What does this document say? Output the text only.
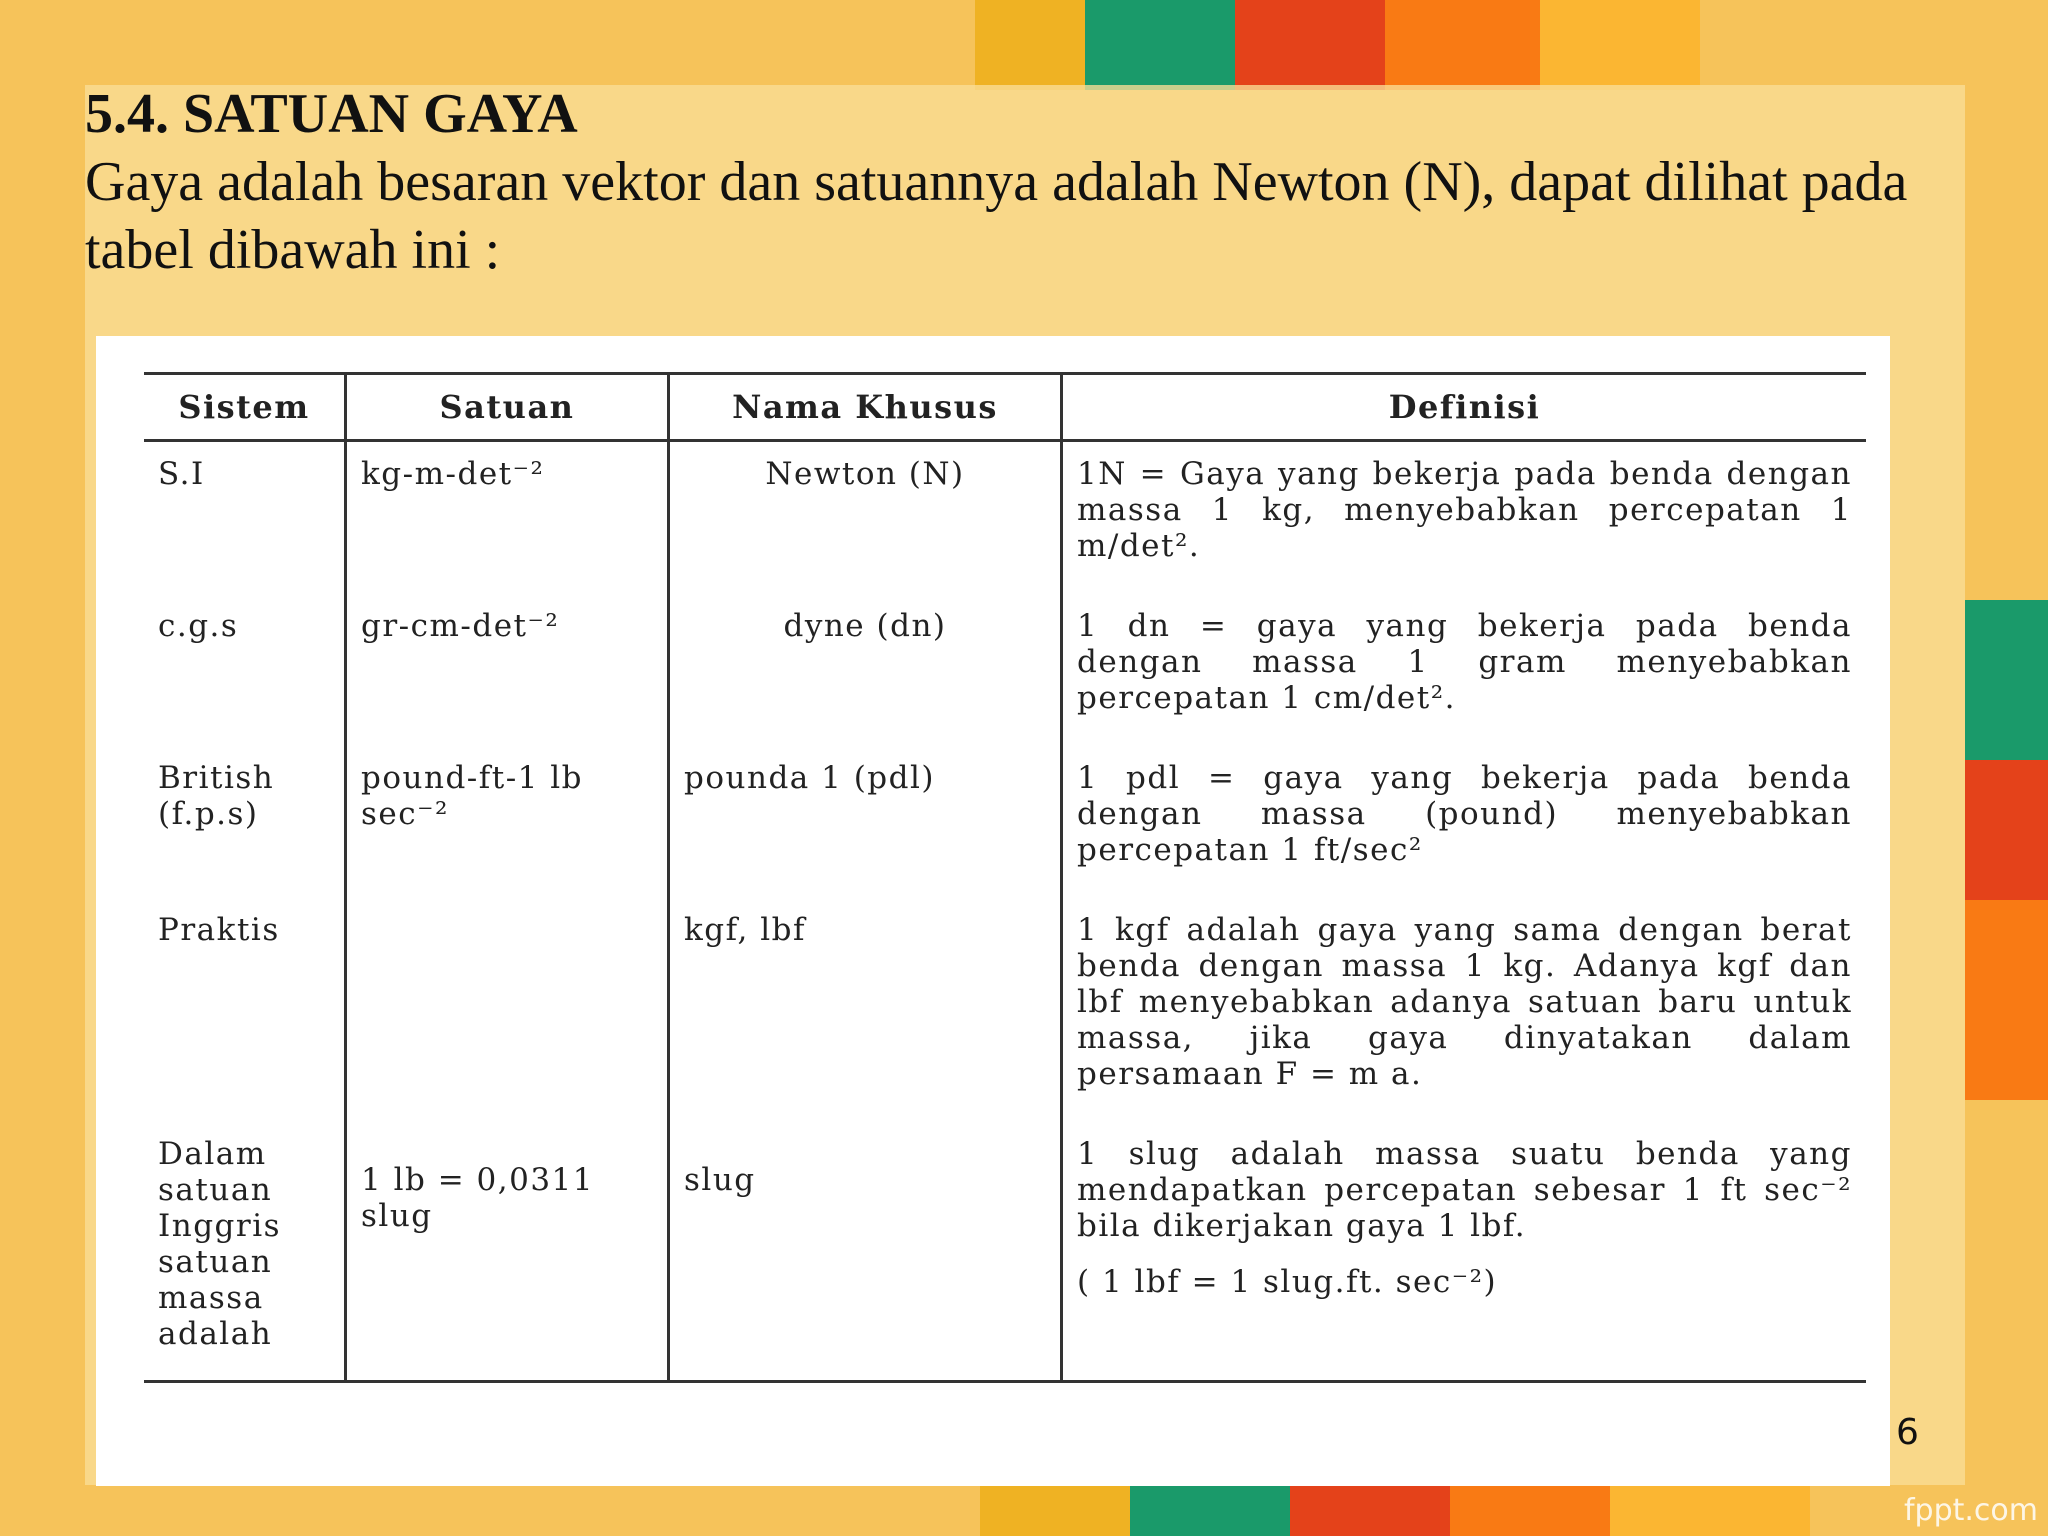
5.4. SATUAN GAYA
Gaya adalah besaran vektor dan satuannya adalah Newton (N), dapat dilihat pada tabel dibawah ini :
Sistem	Satuan	Nama Khusus	Definisi
S.I	kg-m-det⁻²	Newton (N)	1N = Gaya yang bekerja pada benda dengan massa 1 kg, menyebabkan percepatan 1 m/det².
c.g.s	gr-cm-det⁻²	dyne (dn)	1 dn = gaya yang bekerja pada benda dengan massa 1 gram menyebabkan percepatan 1 cm/det².
British (f.p.s)	pound-ft-1 lb sec⁻²	pounda 1 (pdl)	1 pdl = gaya yang bekerja pada benda dengan massa (pound) menyebabkan percepatan 1 ft/sec²
Praktis		kgf, lbf	1 kgf adalah gaya yang sama dengan berat benda dengan massa 1 kg. Adanya kgf dan lbf menyebabkan adanya satuan baru untuk massa, jika gaya dinyatakan dalam persamaan F = m a.
Dalam satuan Inggris satuan massa adalah	1 lb = 0,0311 slug	slug	1 slug adalah massa suatu benda yang mendapatkan percepatan sebesar 1 ft sec⁻² bila dikerjakan gaya 1 lbf.
( 1 lbf = 1 slug.ft. sec⁻²)
6
fppt.com
